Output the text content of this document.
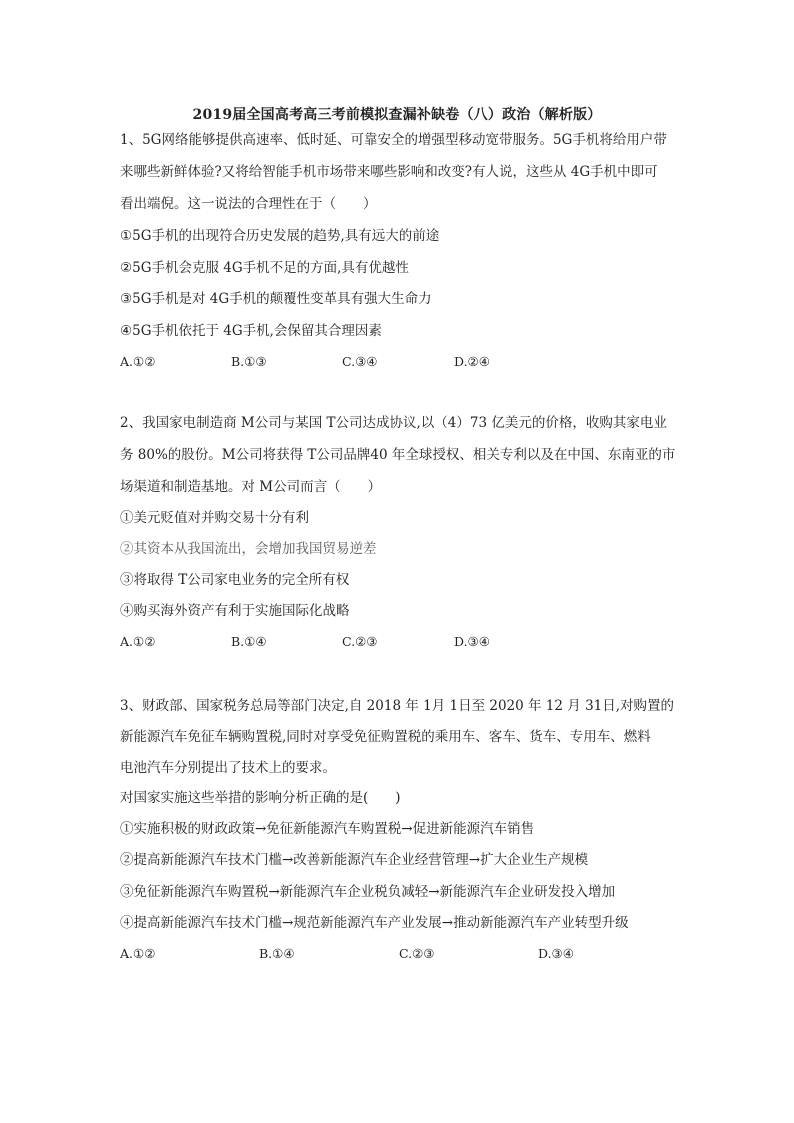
2019届全国高考高三考前模拟查漏补缺卷（八）政治（解析版）
1、5G网络能够提供高速率、低时延、可靠安全的增强型移动宽带服务。5G手机将给用户带
来哪些新鲜体验?又将给智能手机市场带来哪些影响和改变?有人说，这些从 4G手机中即可
看出端倪。这一说法的合理性在于（　　）
①5G手机的出现符合历史发展的趋势,具有远大的前途
②5G手机会克服 4G手机不足的方面,具有优越性
③5G手机是对 4G手机的颠覆性变革具有强大生命力
④5G手机依托于 4G手机,会保留其合理因素
A.①②	B.①③	C.③④	D.②④
2、我国家电制造商 M公司与某国 T公司达成协议,以（4）73 亿美元的价格，收购其家电业
务 80%的股份。M公司将获得 T公司品牌40 年全球授权、相关专利以及在中国、东南亚的市
场渠道和制造基地。对 M公司而言（　　）
①美元贬值对并购交易十分有利
②其资本从我国流出，会增加我国贸易逆差
③将取得 T公司家电业务的完全所有权
④购买海外资产有利于实施国际化战略
A.①②	B.①④	C.②③	D.③④
3、财政部、国家税务总局等部门决定,自 2018 年 1月 1日至 2020 年 12 月 31日,对购置的
新能源汽车免征车辆购置税,同时对享受免征购置税的乘用车、客车、货车、专用车、燃料
电池汽车分别提出了技术上的要求。
对国家实施这些举措的影响分析正确的是(　　)
①实施积极的财政政策→免征新能源汽车购置税→促进新能源汽车销售
②提高新能源汽车技术门槛→改善新能源汽车企业经营管理→扩大企业生产规模
③免征新能源汽车购置税→新能源汽车企业税负减轻→新能源汽车企业研发投入增加
④提高新能源汽车技术门槛→规范新能源汽车产业发展→推动新能源汽车产业转型升级
A.①②	B.①④	C.②③	D.③④
